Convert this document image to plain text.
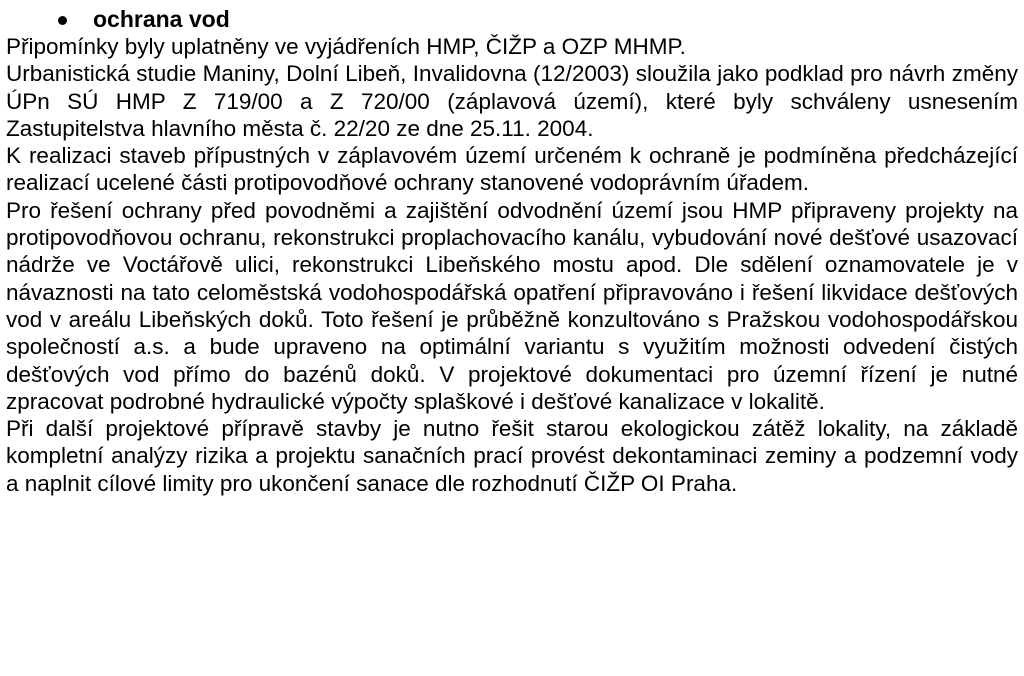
ochrana vod

Připomínky byly uplatněny ve vyjádřeních HMP, ČIŽP a OZP MHMP.

Urbanistická studie Maniny, Dolní Libeň, Invalidovna (12/2003) sloužila jako podklad pro návrh změny ÚPn SÚ HMP Z 719/00 a Z 720/00 (záplavová území), které byly schváleny usnesením Zastupitelstva hlavního města č. 22/20 ze dne 25.11. 2004.

K realizaci staveb přípustných v záplavovém území určeném k ochraně je podmíněna předcházející realizací ucelené části protipovodňové ochrany stanovené vodoprávním úřadem.

Pro řešení ochrany před povodněmi a zajištění odvodnění území jsou HMP připraveny projekty na protipovodňovou ochranu, rekonstrukci proplachovacího kanálu, vybudování nové dešťové usazovací nádrže ve Voctářově ulici, rekonstrukci Libeňského mostu apod. Dle sdělení oznamovatele je v návaznosti na tato celoměstská vodohospodářská opatření připravováno i řešení likvidace dešťových vod v areálu Libeňských doků. Toto řešení je průběžně konzultováno s Pražskou vodohospodářskou společností a.s. a bude upraveno na optimální variantu s využitím možnosti odvedení čistých dešťových vod přímo do bazénů doků. V projektové dokumentaci pro územní řízení je nutné zpracovat podrobné hydraulické výpočty splaškové i dešťové kanalizace v lokalitě.

Při další projektové přípravě stavby je nutno řešit starou ekologickou zátěž lokality, na základě kompletní analýzy rizika a projektu sanačních prací provést dekontaminaci zeminy a podzemní vody a naplnit cílové limity pro ukončení sanace dle rozhodnutí ČIŽP OI Praha.
